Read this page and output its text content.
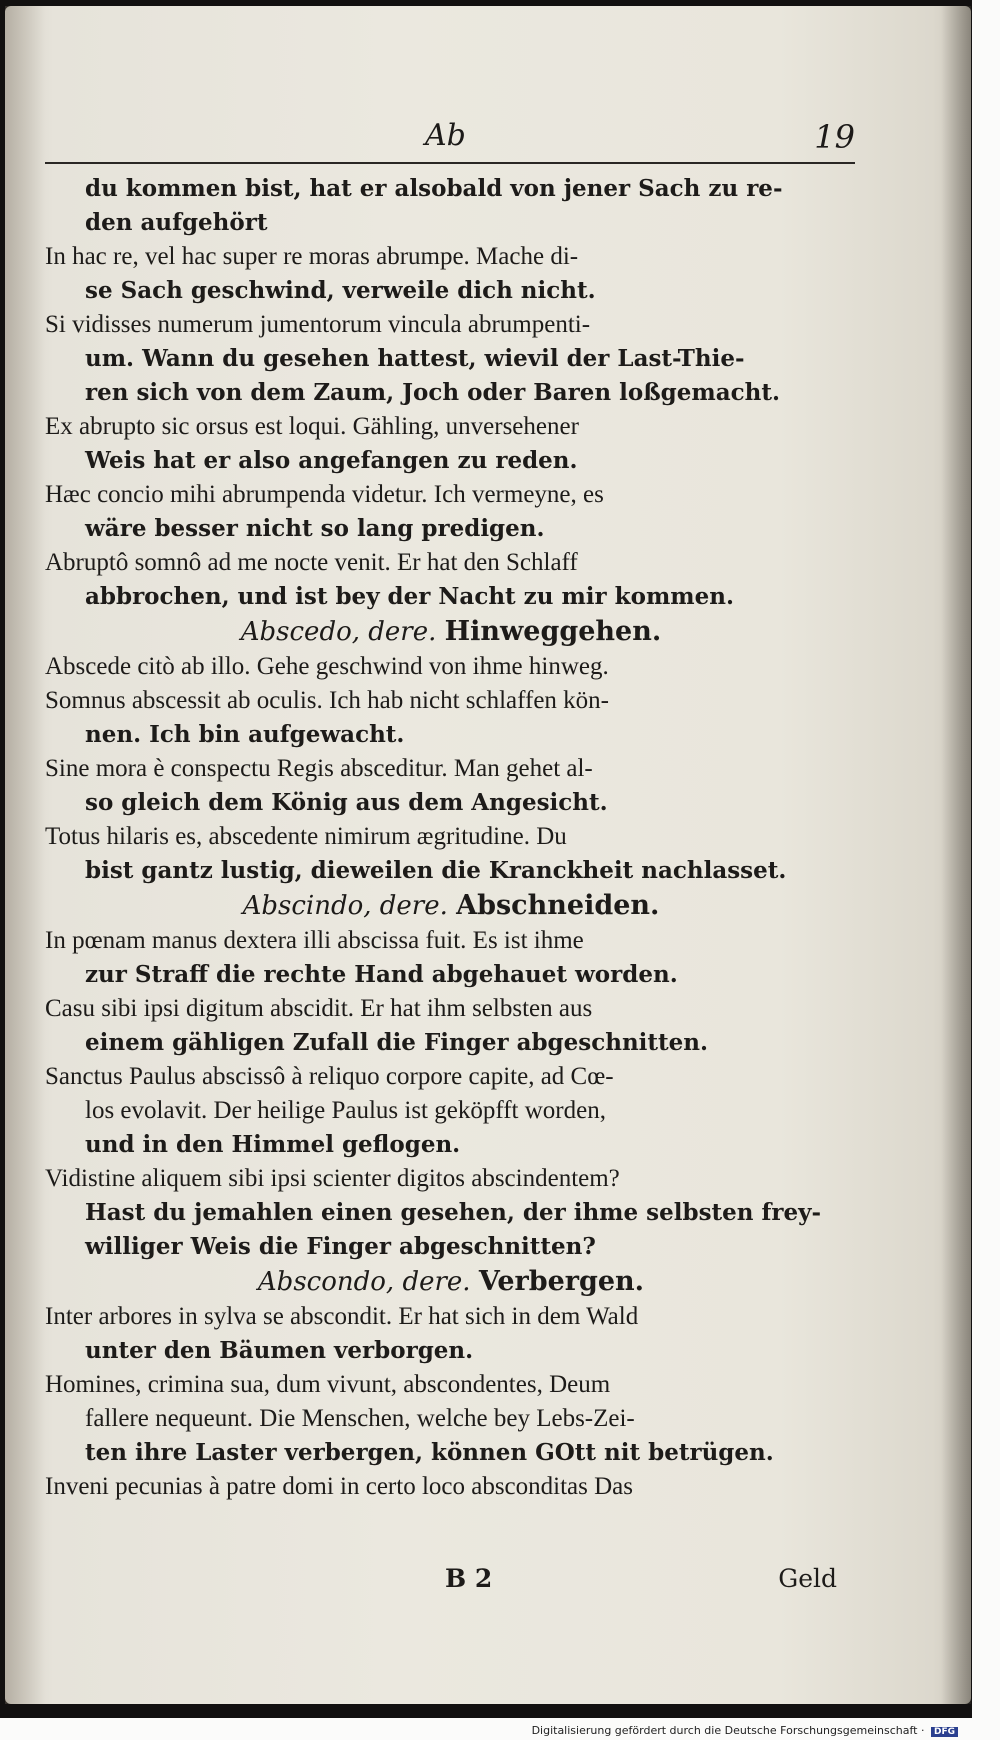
Ab	19
du kommen bist, hat er alsobald von jener Sach zu re-
den aufgehört
In hac re, vel hac super re moras abrumpe. Mache di-
se Sach geschwind, verweile dich nicht.
Si vidisses numerum jumentorum vincula abrumpenti-
um. Wann du gesehen hattest, wievil der Last-Thie-
ren sich von dem Zaum, Joch oder Baren loßgemacht.
Ex abrupto sic orsus est loqui. Gähling, unversehener
Weis hat er also angefangen zu reden.
Hæc concio mihi abrumpenda videtur. Ich vermeyne, es
wäre besser nicht so lang predigen.
Abruptô somnô ad me nocte venit. Er hat den Schlaff
abbrochen, und ist bey der Nacht zu mir kommen.
Abscedo, dere. Hinweggehen.
Abscede citò ab illo. Gehe geschwind von ihme hinweg.
Somnus abscessit ab oculis. Ich hab nicht schlaffen kön-
nen. Ich bin aufgewacht.
Sine mora è conspectu Regis absceditur. Man gehet al-
so gleich dem König aus dem Angesicht.
Totus hilaris es, abscedente nimirum ægritudine. Du
bist gantz lustig, dieweilen die Kranckheit nachlasset.
Abscindo, dere. Abschneiden.
In pœnam manus dextera illi abscissa fuit. Es ist ihme
zur Straff die rechte Hand abgehauet worden.
Casu sibi ipsi digitum abscidit. Er hat ihm selbsten aus
einem gähligen Zufall die Finger abgeschnitten.
Sanctus Paulus abscissô à reliquo corpore capite, ad Cœ-
los evolavit. Der heilige Paulus ist geköpfft worden,
und in den Himmel geflogen.
Vidistine aliquem sibi ipsi scienter digitos abscindentem?
Hast du jemahlen einen gesehen, der ihme selbsten frey-
williger Weis die Finger abgeschnitten?
Abscondo, dere. Verbergen.
Inter arbores in sylva se abscondit. Er hat sich in dem Wald
unter den Bäumen verborgen.
Homines, crimina sua, dum vivunt, abscondentes, Deum
fallere nequeunt. Die Menschen, welche bey Lebs-Zei-
ten ihre Laster verbergen, können GOtt nit betrügen.
Inveni pecunias à patre domi in certo loco absconditas Das
B 2	Geld
Digitalisierung gefördert durch die Deutsche Forschungsgemeinschaft · DFG
